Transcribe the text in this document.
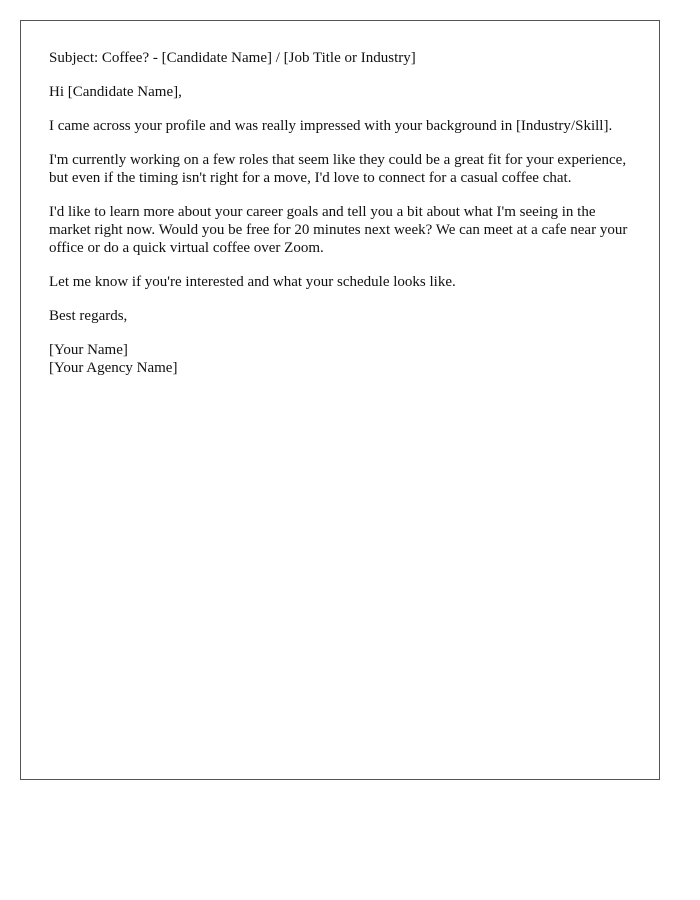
Subject: Coffee? - [Candidate Name] / [Job Title or Industry]

Hi [Candidate Name],

I came across your profile and was really impressed with your background in [Industry/Skill].

I'm currently working on a few roles that seem like they could be a great fit for your experience, but even if the timing isn't right for a move, I'd love to connect for a casual coffee chat.

I'd like to learn more about your career goals and tell you a bit about what I'm seeing in the market right now. Would you be free for 20 minutes next week? We can meet at a cafe near your office or do a quick virtual coffee over Zoom.

Let me know if you're interested and what your schedule looks like.

Best regards,

[Your Name]
[Your Agency Name]
